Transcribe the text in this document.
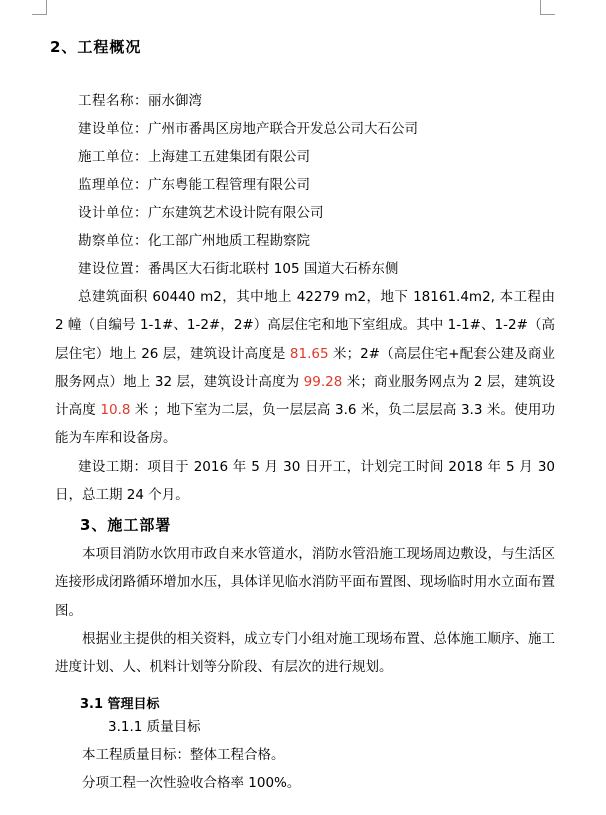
2、工程概况
工程名称：丽水御湾
建设单位：广州市番禺区房地产联合开发总公司大石公司
施工单位：上海建工五建集团有限公司
监理单位：广东粤能工程管理有限公司
设计单位：广东建筑艺术设计院有限公司
勘察单位：化工部广州地质工程勘察院
建设位置：番禺区大石街北联村 105 国道大石桥东侧
总建筑面积 60440 m2，其中地上 42279 m2，地下 18161.4m2, 本工程由 2 幢（自编号 1-1#、1-2#，2#）高层住宅和地下室组成。其中 1-1#、1-2#（高层住宅）地上 26 层，建筑设计高度是 81.65 米；2#（高层住宅+配套公建及商业服务网点）地上 32 层，建筑设计高度为 99.28 米；商业服务网点为 2 层，建筑设计高度 10.8 米 ；地下室为二层，负一层层高 3.6 米，负二层层高 3.3 米。使用功能为车库和设备房。
建设工期：项目于 2016 年 5 月 30 日开工，计划完工时间 2018 年 5 月 30 日，总工期 24 个月。
3、施工部署
本项目消防水饮用市政自来水管道水，消防水管沿施工现场周边敷设，与生活区连接形成闭路循环增加水压，具体详见临水消防平面布置图、现场临时用水立面布置图。
根据业主提供的相关资料，成立专门小组对施工现场布置、总体施工顺序、施工进度计划、人、机料计划等分阶段、有层次的进行规划。
3.1 管理目标
3.1.1 质量目标
本工程质量目标：整体工程合格。
分项工程一次性验收合格率 100%。
